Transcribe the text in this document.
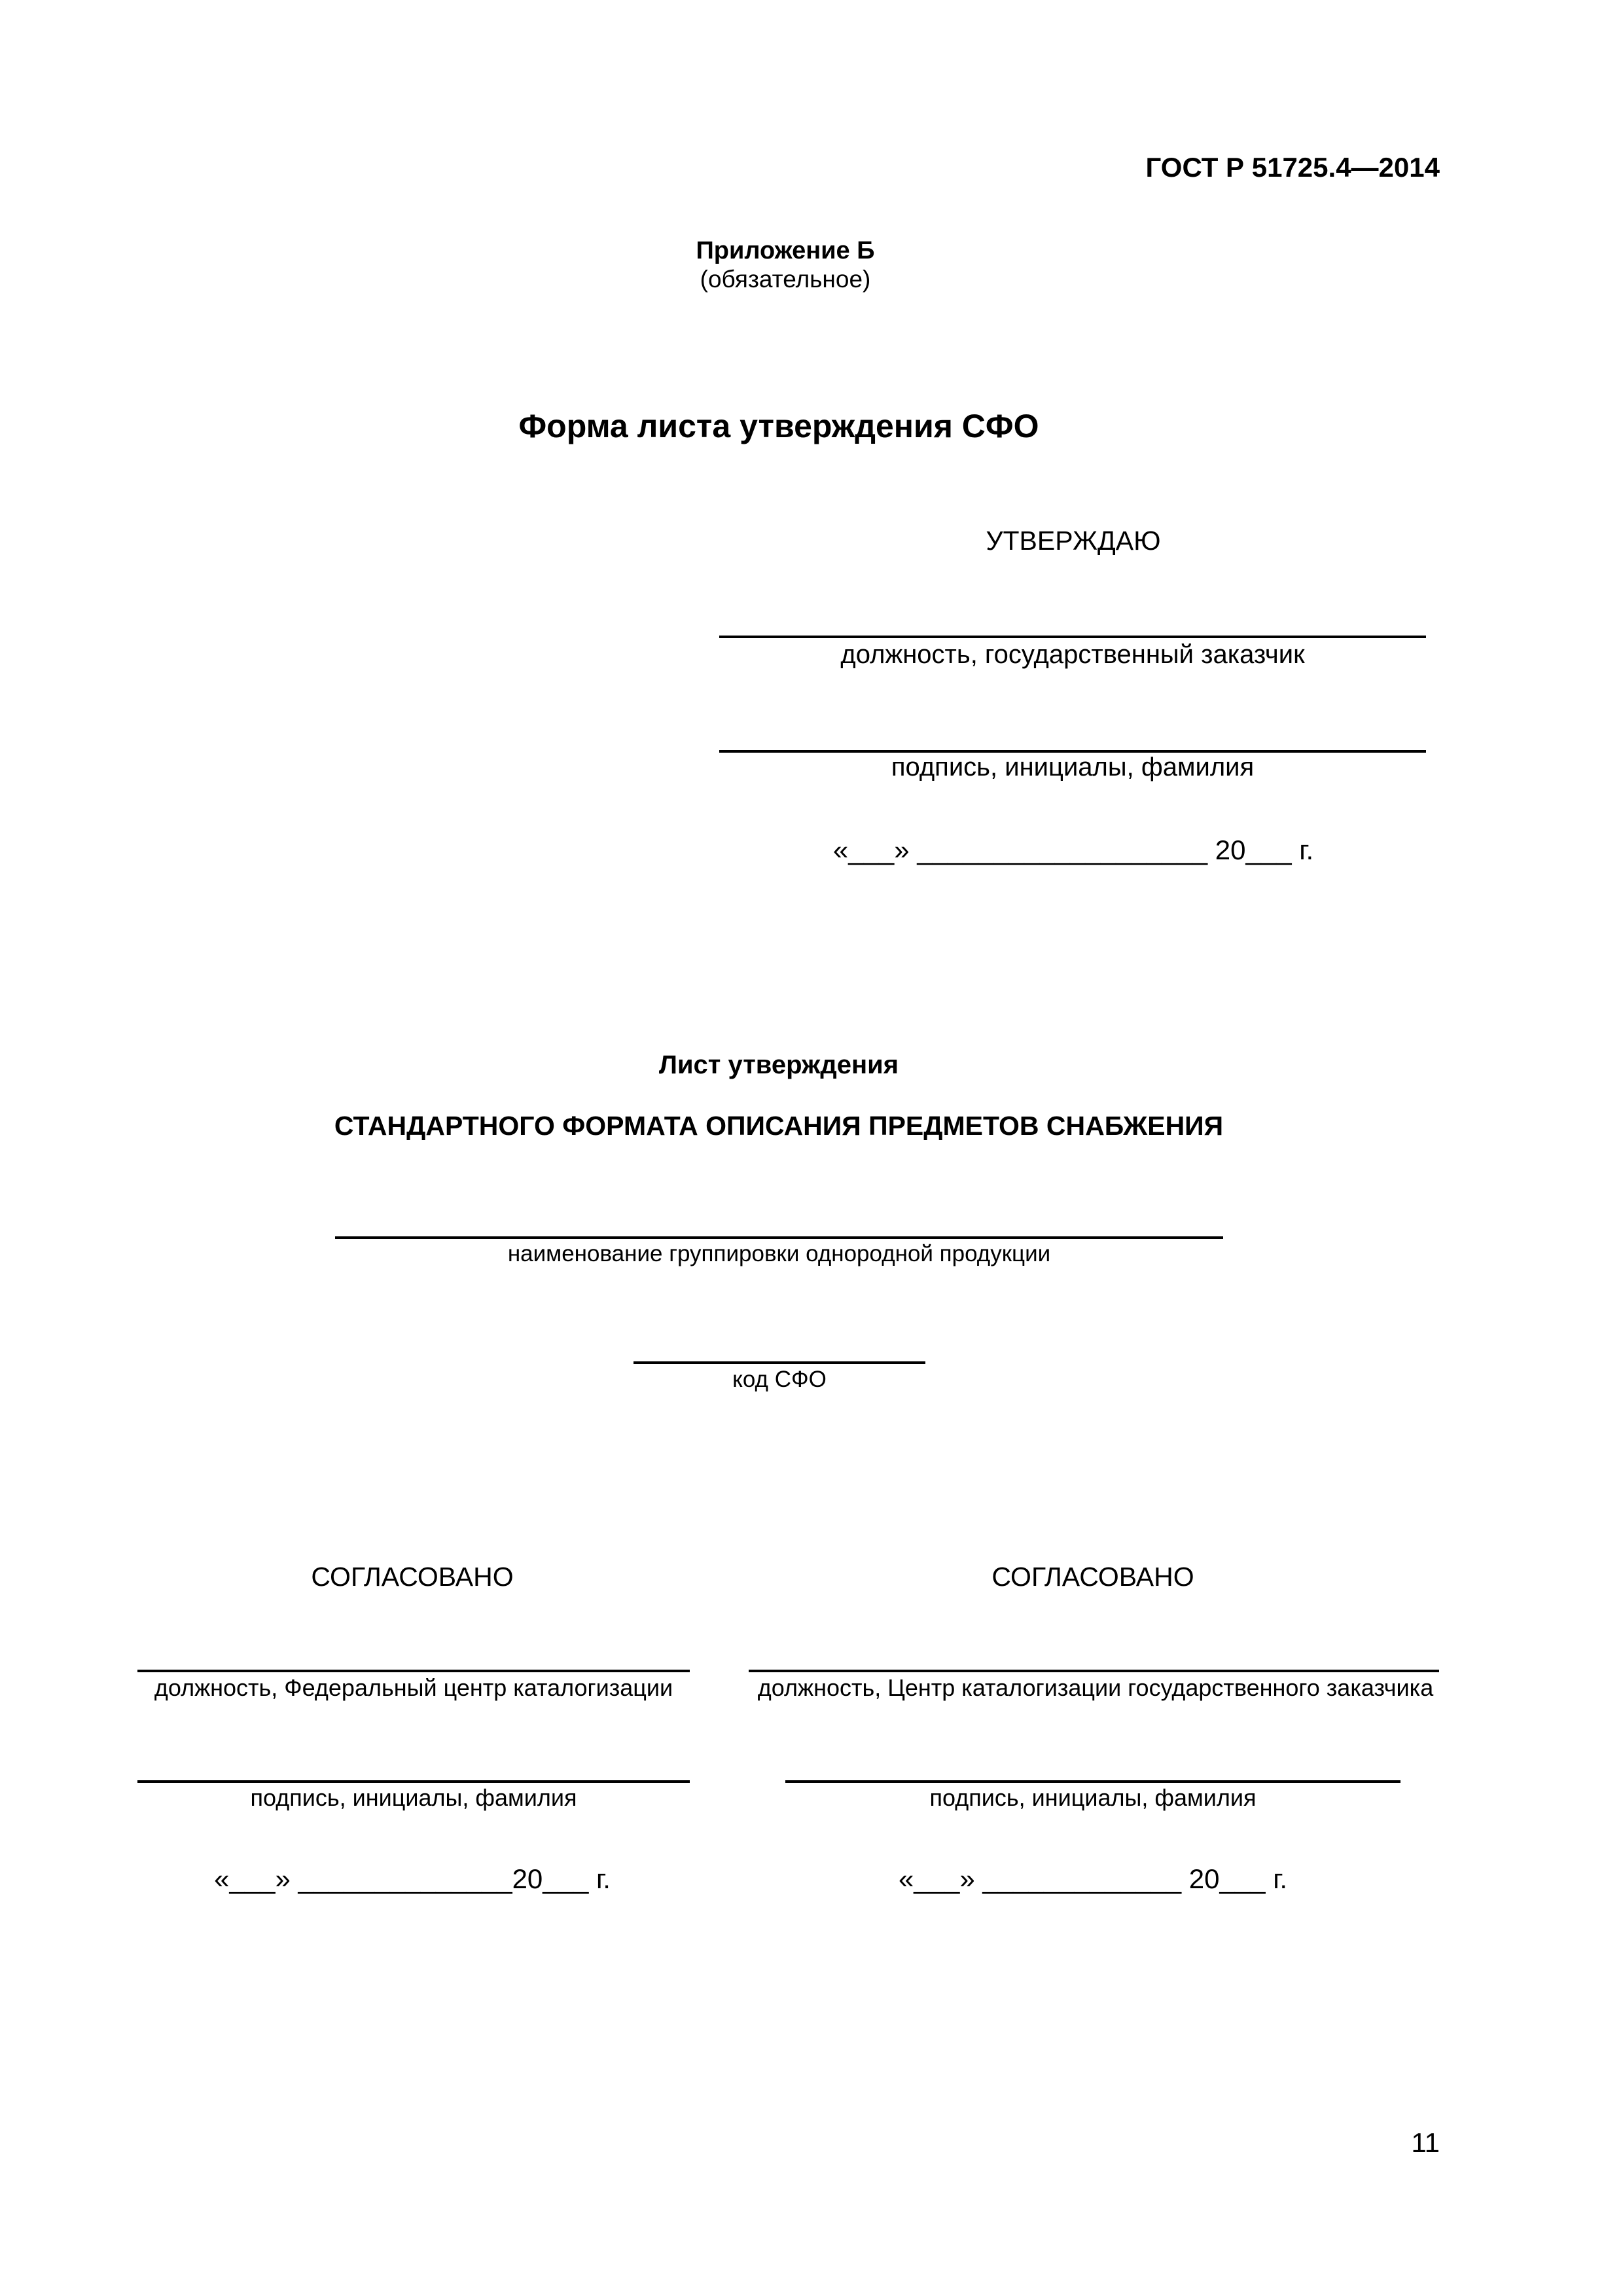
ГОСТ Р 51725.4—2014
Приложение Б
(обязательное)
Форма листа утверждения СФО
УТВЕРЖДАЮ
должность, государственный заказчик
подпись, инициалы, фамилия
«___» ___________________ 20___ г.
Лист утверждения
СТАНДАРТНОГО ФОРМАТА ОПИСАНИЯ ПРЕДМЕТОВ СНАБЖЕНИЯ
наименование группировки однородной продукции
код СФО
СОГЛАСОВАНО
должность, Федеральный центр каталогизации
подпись, инициалы, фамилия
«___» ______________20___ г.
СОГЛАСОВАНО
должность, Центр каталогизации государственного заказчика
подпись, инициалы, фамилия
«___» _____________ 20___ г.
11
